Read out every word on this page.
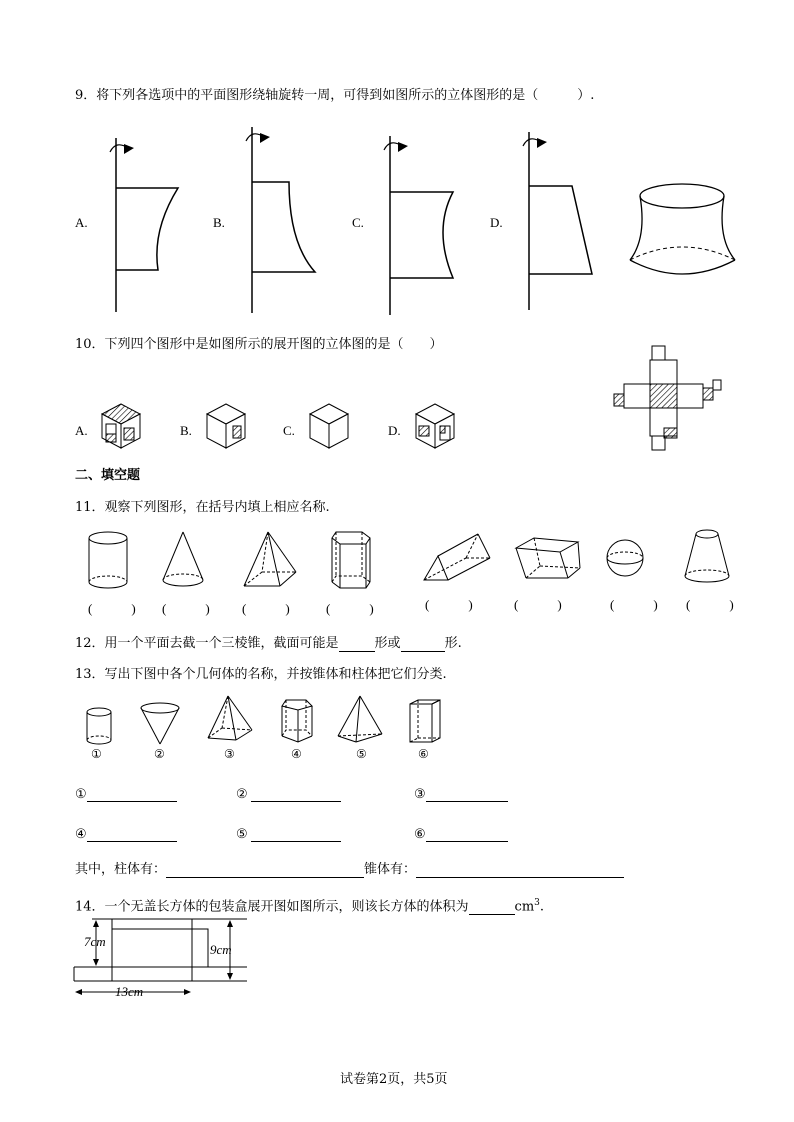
9．将下列各选项中的平面图形绕轴旋转一周，可得到如图所示的立体图形的是（　　　）.
A.	B.	C.	D.
10．下列四个图形中是如图所示的展开图的立体图的是（　　）
A.	B.	C.	D.
二、填空题
11．观察下列图形，在括号内填上相应名称.
(　　　) (　　　) (　　　)	(　　　)	(　　　)	(　　　)	(　　　) (　　　)
12．用一个平面去截一个三棱锥，截面可能是	形或	形.
13．写出下图中各个几何体的名称，并按锥体和柱体把它们分类.
①	②	③	④	⑤	⑥
①	②	③
④	⑤	⑥
其中，柱体有：	锥体有：
14．一个无盖长方体的包装盒展开图如图所示，则该长方体的体积为	$cm^3$.
7cm
9cm
13cm
试卷第2页，共5页
